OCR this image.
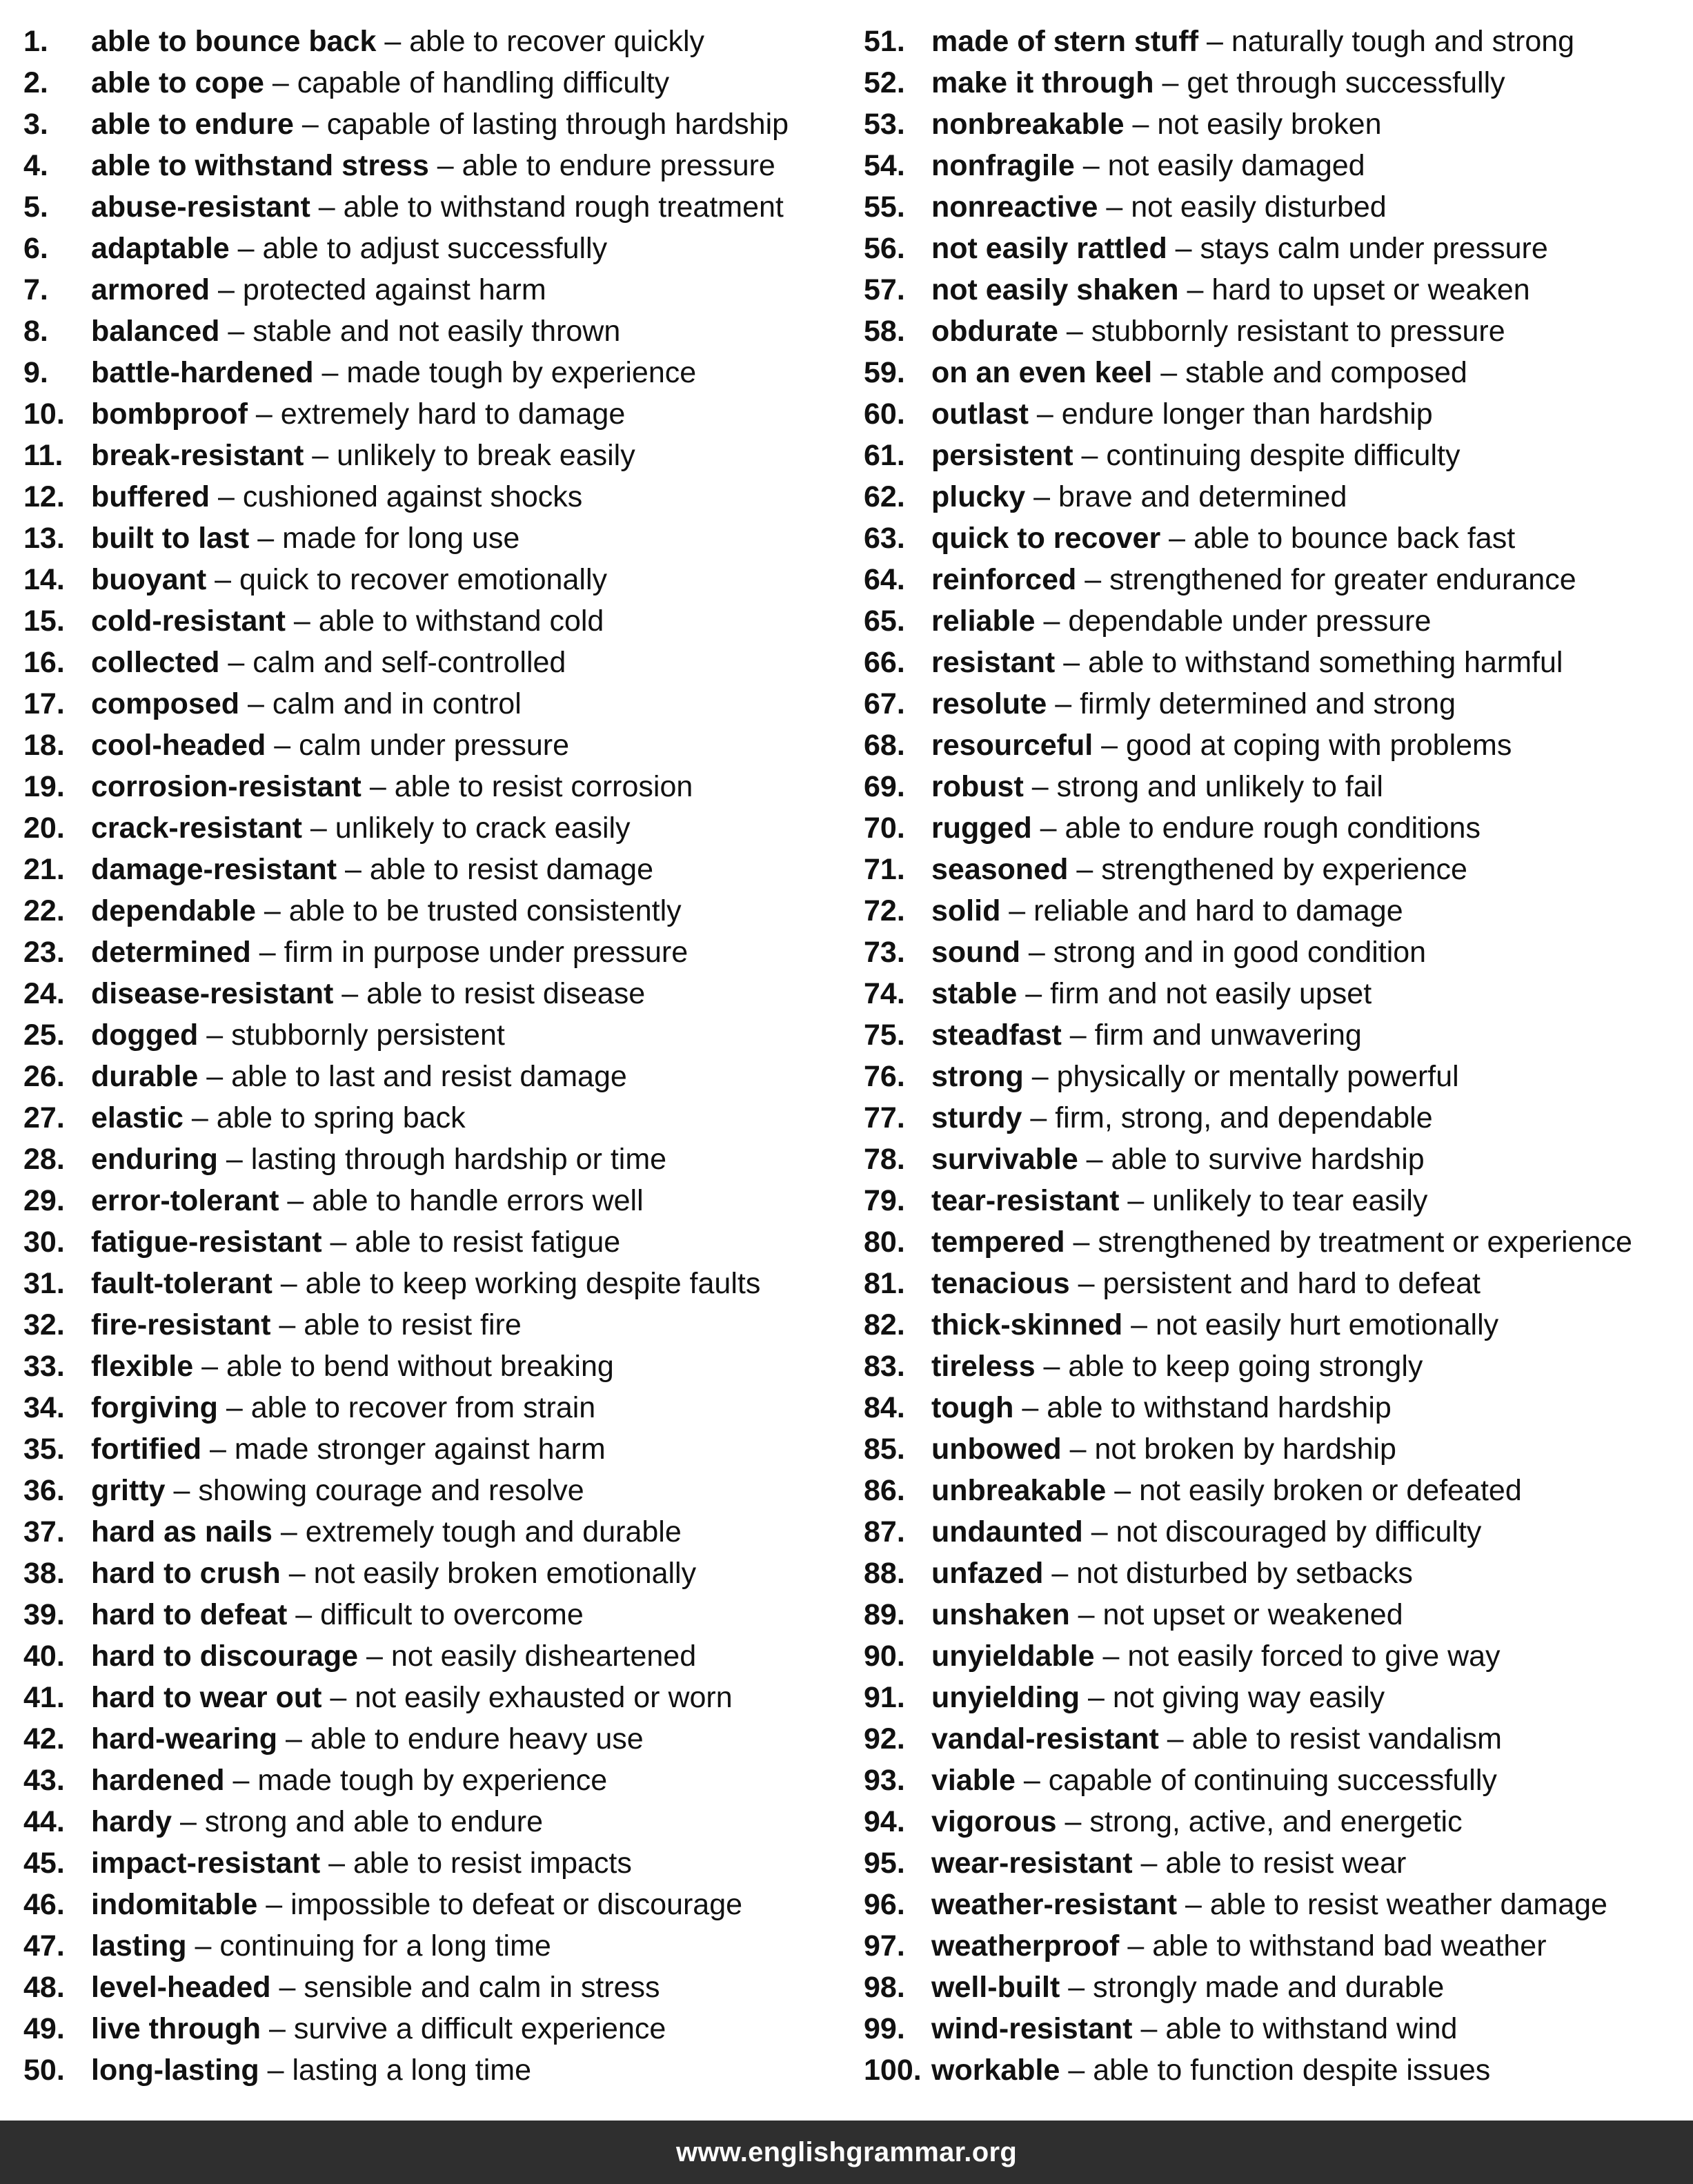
1. able to bounce back – able to recover quickly
2. able to cope – capable of handling difficulty
3. able to endure – capable of lasting through hardship
4. able to withstand stress – able to endure pressure
5. abuse-resistant – able to withstand rough treatment
6. adaptable – able to adjust successfully
7. armored – protected against harm
8. balanced – stable and not easily thrown
9. battle-hardened – made tough by experience
10. bombproof – extremely hard to damage
11. break-resistant – unlikely to break easily
12. buffered – cushioned against shocks
13. built to last – made for long use
14. buoyant – quick to recover emotionally
15. cold-resistant – able to withstand cold
16. collected – calm and self-controlled
17. composed – calm and in control
18. cool-headed – calm under pressure
19. corrosion-resistant – able to resist corrosion
20. crack-resistant – unlikely to crack easily
21. damage-resistant – able to resist damage
22. dependable – able to be trusted consistently
23. determined – firm in purpose under pressure
24. disease-resistant – able to resist disease
25. dogged – stubbornly persistent
26. durable – able to last and resist damage
27. elastic – able to spring back
28. enduring – lasting through hardship or time
29. error-tolerant – able to handle errors well
30. fatigue-resistant – able to resist fatigue
31. fault-tolerant – able to keep working despite faults
32. fire-resistant – able to resist fire
33. flexible – able to bend without breaking
34. forgiving – able to recover from strain
35. fortified – made stronger against harm
36. gritty – showing courage and resolve
37. hard as nails – extremely tough and durable
38. hard to crush – not easily broken emotionally
39. hard to defeat – difficult to overcome
40. hard to discourage – not easily disheartened
41. hard to wear out – not easily exhausted or worn
42. hard-wearing – able to endure heavy use
43. hardened – made tough by experience
44. hardy – strong and able to endure
45. impact-resistant – able to resist impacts
46. indomitable – impossible to defeat or discourage
47. lasting – continuing for a long time
48. level-headed – sensible and calm in stress
49. live through – survive a difficult experience
50. long-lasting – lasting a long time
51. made of stern stuff – naturally tough and strong
52. make it through – get through successfully
53. nonbreakable – not easily broken
54. nonfragile – not easily damaged
55. nonreactive – not easily disturbed
56. not easily rattled – stays calm under pressure
57. not easily shaken – hard to upset or weaken
58. obdurate – stubbornly resistant to pressure
59. on an even keel – stable and composed
60. outlast – endure longer than hardship
61. persistent – continuing despite difficulty
62. plucky – brave and determined
63. quick to recover – able to bounce back fast
64. reinforced – strengthened for greater endurance
65. reliable – dependable under pressure
66. resistant – able to withstand something harmful
67. resolute – firmly determined and strong
68. resourceful – good at coping with problems
69. robust – strong and unlikely to fail
70. rugged – able to endure rough conditions
71. seasoned – strengthened by experience
72. solid – reliable and hard to damage
73. sound – strong and in good condition
74. stable – firm and not easily upset
75. steadfast – firm and unwavering
76. strong – physically or mentally powerful
77. sturdy – firm, strong, and dependable
78. survivable – able to survive hardship
79. tear-resistant – unlikely to tear easily
80. tempered – strengthened by treatment or experience
81. tenacious – persistent and hard to defeat
82. thick-skinned – not easily hurt emotionally
83. tireless – able to keep going strongly
84. tough – able to withstand hardship
85. unbowed – not broken by hardship
86. unbreakable – not easily broken or defeated
87. undaunted – not discouraged by difficulty
88. unfazed – not disturbed by setbacks
89. unshaken – not upset or weakened
90. unyieldable – not easily forced to give way
91. unyielding – not giving way easily
92. vandal-resistant – able to resist vandalism
93. viable – capable of continuing successfully
94. vigorous – strong, active, and energetic
95. wear-resistant – able to resist wear
96. weather-resistant – able to resist weather damage
97. weatherproof – able to withstand bad weather
98. well-built – strongly made and durable
99. wind-resistant – able to withstand wind
100. workable – able to function despite issues
www.englishgrammar.org
